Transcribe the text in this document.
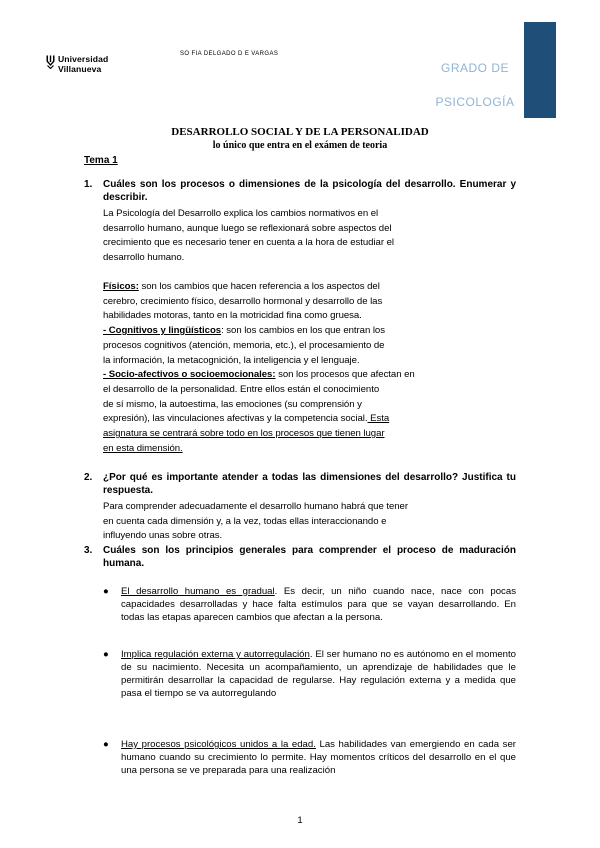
Universidad
Villanueva
SO FIA DELGADO D E VARGAS
GRADO DE
PSICOLOGÍA
DESARROLLO SOCIAL Y DE LA PERSONALIDAD
lo único que entra en el exámen de teoria
Tema 1
1. Cuáles son los procesos o dimensiones de la psicología del desarrollo. Enumerar y describir.
La Psicología del Desarrollo explica los cambios normativos en el
desarrollo humano, aunque luego se reflexionará sobre aspectos del
crecimiento que es necesario tener en cuenta a la hora de estudiar el
desarrollo humano.
Físicos: son los cambios que hacen referencia a los aspectos del
cerebro, crecimiento físico, desarrollo hormonal y desarrollo de las
habilidades motoras, tanto en la motricidad fina como gruesa.
- Cognitivos y lingüísticos: son los cambios en los que entran los
procesos cognitivos (atención, memoria, etc.), el procesamiento de
la información, la metacognición, la inteligencia y el lenguaje.
- Socio-afectivos o socioemocionales: son los procesos que afectan en
el desarrollo de la personalidad. Entre ellos están el conocimiento
de sí mismo, la autoestima, las emociones (su comprensión y
expresión), las vinculaciones afectivas y la competencia social. Esta
asignatura se centrará sobre todo en los procesos que tienen lugar
en esta dimensión.
2. ¿Por qué es importante atender a todas las dimensiones del desarrollo? Justifica tu respuesta.
Para comprender adecuadamente el desarrollo humano habrá que tener
en cuenta cada dimensión y, a la vez, todas ellas interaccionando e
influyendo unas sobre otras.
3. Cuáles son los principios generales para comprender el proceso de maduración humana.
● El desarrollo humano es gradual. Es decir, un niño cuando nace, nace con pocas capacidades desarrolladas y hace falta estímulos para que se vayan desarrollando. En todas las etapas aparecen cambios que afectan a la persona.
● Implica regulación externa y autorregulación. El ser humano no es autónomo en el momento de su nacimiento. Necesita un acompañamiento, un aprendizaje de habilidades que le permitirán desarrollar la capacidad de regularse. Hay regulación externa y a medida que pasa el tiempo se va autorregulando
● Hay procesos psicológicos unidos a la edad. Las habilidades van emergiendo en cada ser humano cuando su crecimiento lo permite. Hay momentos críticos del desarrollo en el que una persona se ve preparada para una realización
1
